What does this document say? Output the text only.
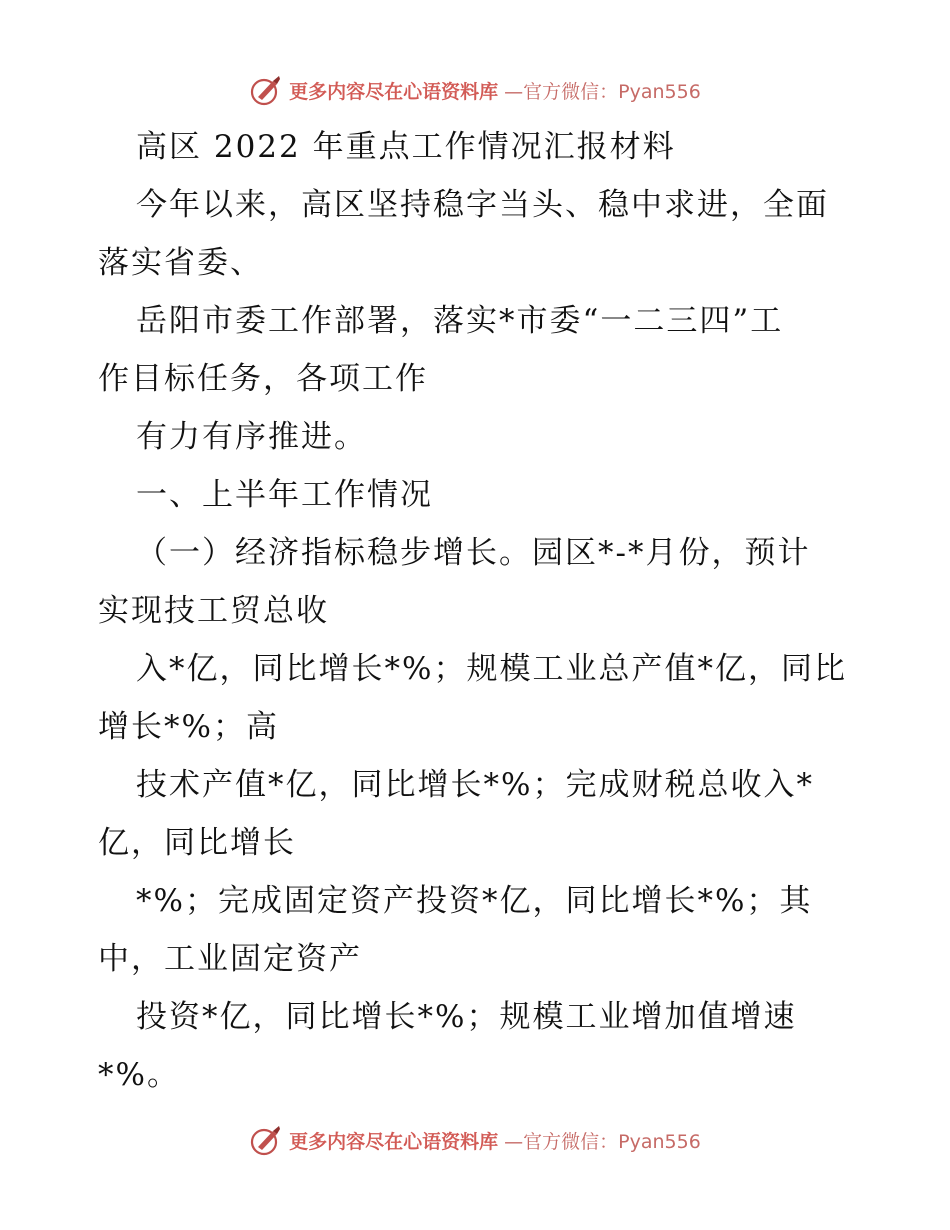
更多内容尽在心语资料库 —官方微信：Pyan556
高区 2022 年重点工作情况汇报材料
今年以来，高区坚持稳字当头、稳中求进，全面
落实省委、
岳阳市委工作部署，落实*市委“一二三四”工
作目标任务，各项工作
有力有序推进。
一、上半年工作情况
（一）经济指标稳步增长。园区*-*月份，预计
实现技工贸总收
入*亿，同比增长*%；规模工业总产值*亿，同比
增长*%；高
技术产值*亿，同比增长*%；完成财税总收入*
亿，同比增长
*%；完成固定资产投资*亿，同比增长*%；其
中，工业固定资产
投资*亿，同比增长*%；规模工业增加值增速
*%。
更多内容尽在心语资料库 —官方微信：Pyan556
